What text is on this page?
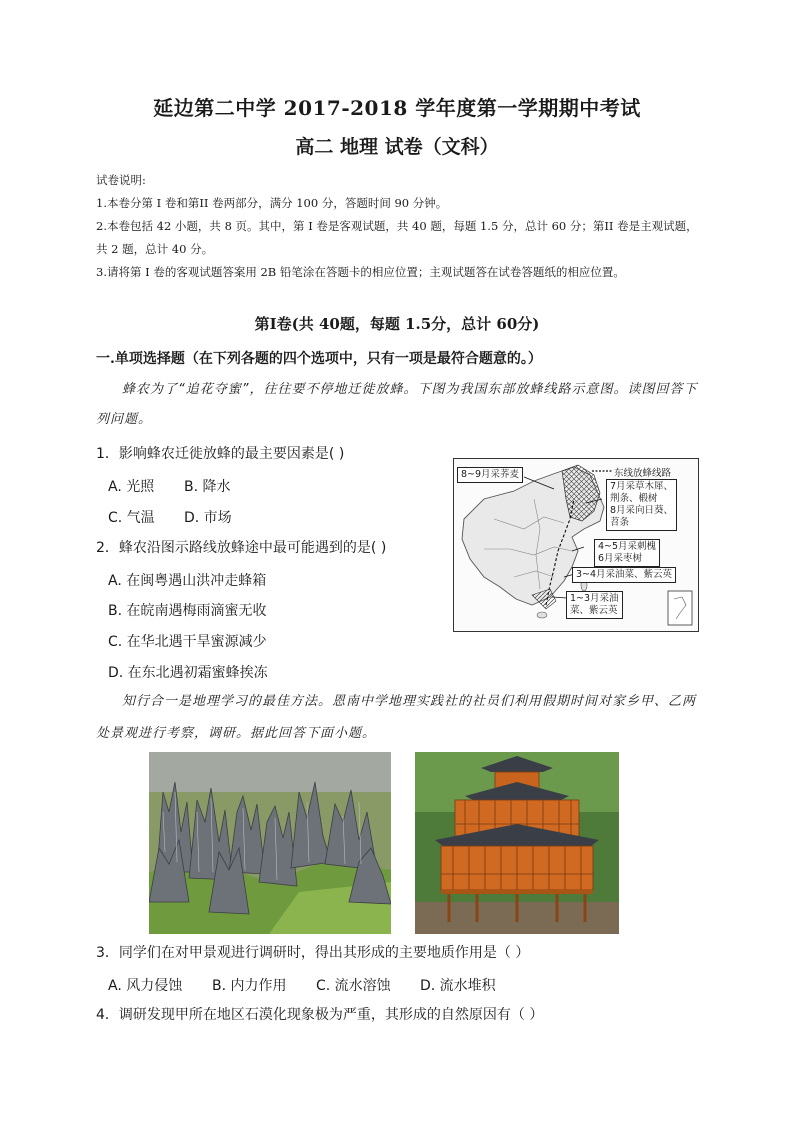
延边第二中学 2017-2018 学年度第一学期期中考试
高二 地理 试卷（文科）
试卷说明:
1.本卷分第 I 卷和第II 卷两部分，满分 100 分，答题时间 90 分钟。
2.本卷包括 42 小题，共 8 页。其中，第 I 卷是客观试题，共 40 题，每题 1.5 分，总计 60 分；第II 卷是主观试题，
共 2 题，总计 40 分。
3.请将第 I 卷的客观试题答案用 2B 铅笔涂在答题卡的相应位置；主观试题答在试卷答题纸的相应位置。
第Ⅰ卷(共 40题，每题 1.5分，总计 60分)
一.单项选择题（在下列各题的四个选项中，只有一项是最符合题意的。）
蜂农为了“追花夺蜜”，往往要不停地迁徙放蜂。下图为我国东部放蜂线路示意图。读图回答下
列问题。
1．影响蜂农迁徙放蜂的最主要因素是( )
A. 光照 B. 降水
C. 气温 D. 市场
2．蜂农沿图示路线放蜂途中最可能遇到的是( )
A. 在闽粤遇山洪冲走蜂箱
B. 在皖南遇梅雨滴蜜无收
C. 在华北遇干旱蜜源减少
D. 在东北遇初霜蜜蜂挨冻
东线放蜂线路
8~9月采荞麦
7月采草木犀、
荆条、椴树
8月采向日葵、
苕条
4~5月采刺槐
6月采枣树
3~4月采油菜、紫云英
1~3月采油
菜、紫云英
知行合一是地理学习的最佳方法。恩南中学地理实践社的社员们利用假期时间对家乡甲、乙两
处景观进行考察，调研。据此回答下面小题。
3．同学们在对甲景观进行调研时，得出其形成的主要地质作用是（ ）
A. 风力侵蚀 B. 内力作用 C. 流水溶蚀 D. 流水堆积
4．调研发现甲所在地区石漠化现象极为严重，其形成的自然原因有（ ）
